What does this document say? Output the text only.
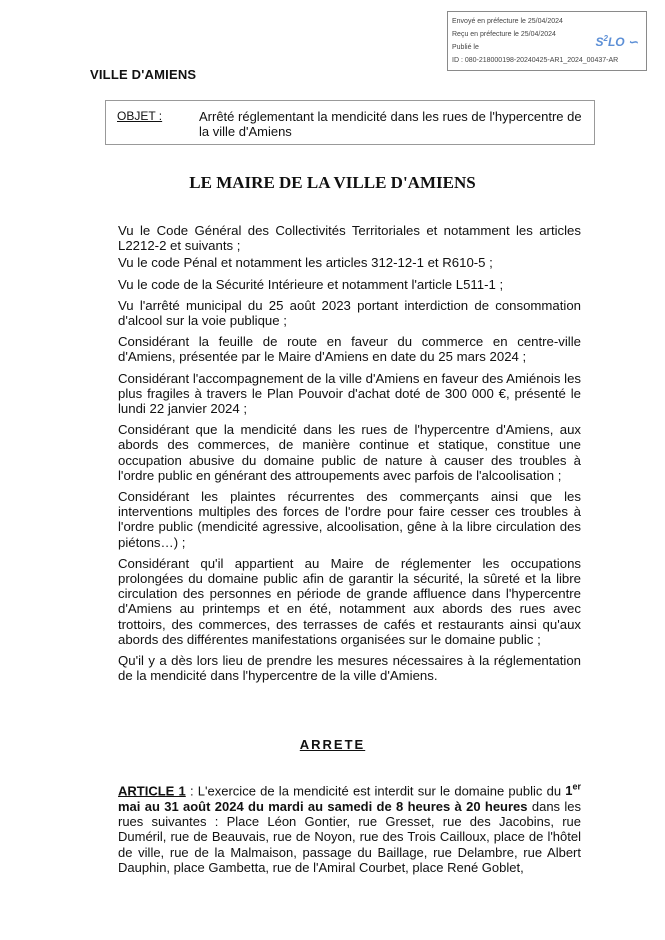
Envoyé en préfecture le 25/04/2024
Reçu en préfecture le 25/04/2024
Publié le
ID : 080-218000198-20240425-AR1_2024_00437-AR
$S^2LO$ ∽
VILLE D'AMIENS
OBJET :	Arrêté réglementant la mendicité dans les rues de l'hypercentre de la ville d'Amiens
LE MAIRE DE LA VILLE D'AMIENS
Vu le Code Général des Collectivités Territoriales et notamment les articles L2212-2 et suivants ;
Vu le code Pénal et notamment les articles 312-12-1 et R610-5 ;
Vu le code de la Sécurité Intérieure et notamment l'article L511-1 ;
Vu l'arrêté municipal du 25 août 2023 portant interdiction de consommation d'alcool sur la voie publique ;
Considérant la feuille de route en faveur du commerce en centre-ville d'Amiens, présentée par le Maire d'Amiens en date du 25 mars 2024 ;
Considérant l'accompagnement de la ville d'Amiens en faveur des Amiénois les plus fragiles à travers le Plan Pouvoir d'achat doté de 300 000 €, présenté le lundi 22 janvier 2024 ;
Considérant que la mendicité dans les rues de l'hypercentre d'Amiens, aux abords des commerces, de manière continue et statique, constitue une occupation abusive du domaine public de nature à causer des troubles à l'ordre public en générant des attroupements avec parfois de l'alcoolisation ;
Considérant les plaintes récurrentes des commerçants ainsi que les interventions multiples des forces de l'ordre pour faire cesser ces troubles à l'ordre public (mendicité agressive, alcoolisation, gêne à la libre circulation des piétons…) ;
Considérant qu'il appartient au Maire de réglementer les occupations prolongées du domaine public afin de garantir la sécurité, la sûreté et la libre circulation des personnes en période de grande affluence dans l'hypercentre d'Amiens au printemps et en été, notamment aux abords des rues avec trottoirs, des commerces, des terrasses de cafés et restaurants ainsi qu'aux abords des différentes manifestations organisées sur le domaine public ;
Qu'il y a dès lors lieu de prendre les mesures nécessaires à la réglementation de la mendicité dans l'hypercentre de la ville d'Amiens.
ARRETE
ARTICLE 1 : L'exercice de la mendicité est interdit sur le domaine public du 1er mai au 31 août 2024 du mardi au samedi de 8 heures à 20 heures dans les rues suivantes : Place Léon Gontier, rue Gresset, rue des Jacobins, rue Duméril, rue de Beauvais, rue de Noyon, rue des Trois Cailloux, place de l'hôtel de ville, rue de la Malmaison, passage du Baillage, rue Delambre, rue Albert Dauphin, place Gambetta, rue de l'Amiral Courbet, place René Goblet,
